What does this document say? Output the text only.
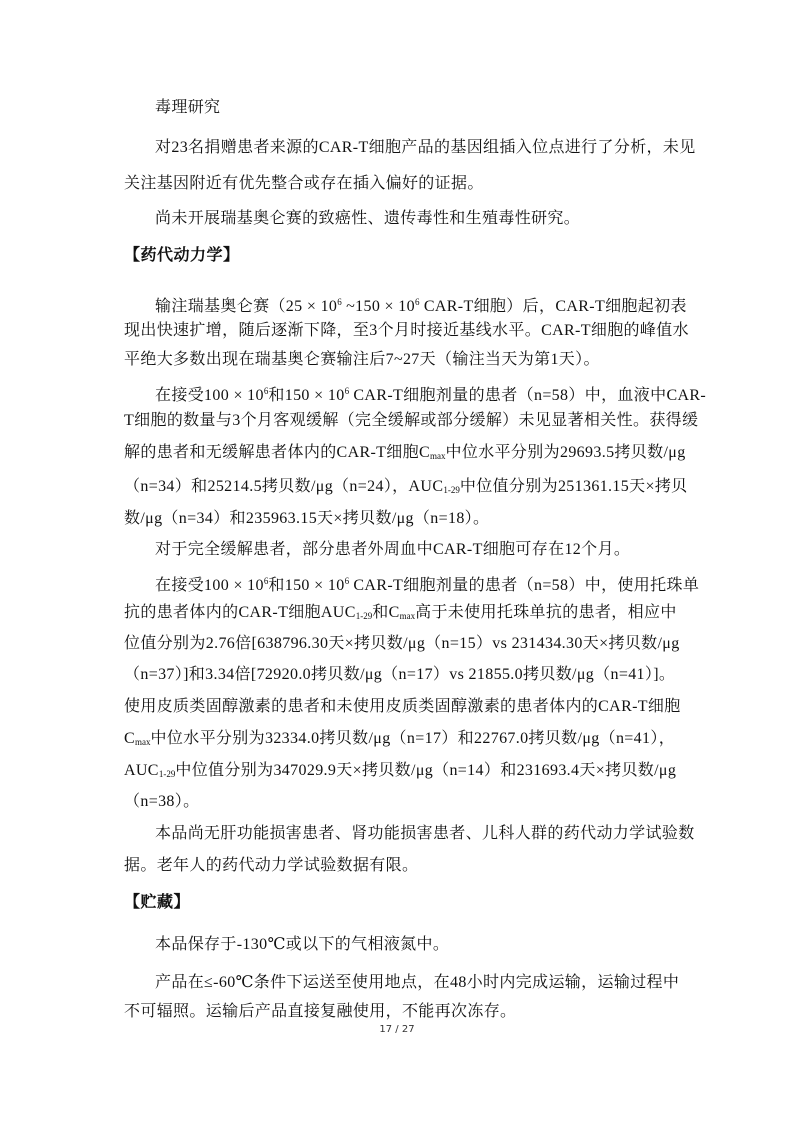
毒理研究
对23名捐赠患者来源的CAR-T细胞产品的基因组插入位点进行了分析，未见
关注基因附近有优先整合或存在插入偏好的证据。
尚未开展瑞基奥仑赛的致癌性、遗传毒性和生殖毒性研究。
【药代动力学】
输注瑞基奥仑赛（$25 \times 10^6$ ~150 × $10^6$ CAR-T细胞）后，CAR-T细胞起初表
现出快速扩增，随后逐渐下降，至3个月时接近基线水平。CAR-T细胞的峰值水
平绝大多数出现在瑞基奥仑赛输注后7~27天（输注当天为第1天）。
在接受$100 \times 10^6$和$150 \times 10^6$ CAR-T细胞剂量的患者（n=58）中，血液中CAR-
T细胞的数量与3个月客观缓解（完全缓解或部分缓解）未见显著相关性。获得缓
解的患者和无缓解患者体内的CAR-T细胞$C_{max}$中位水平分别为29693.5拷贝数/μg
（n=34）和25214.5拷贝数/μg（n=24），$AUC_{1-29}$中位值分别为251361.15天×拷贝
数/μg（n=34）和235963.15天×拷贝数/μg（n=18）。
对于完全缓解患者，部分患者外周血中CAR-T细胞可存在12个月。
在接受$100 \times 10^6$和$150 \times 10^6$ CAR-T细胞剂量的患者（n=58）中，使用托珠单
抗的患者体内的CAR-T细胞$AUC_{1-29}$和$C_{max}$高于未使用托珠单抗的患者，相应中
位值分别为2.76倍[638796.30天×拷贝数/μg（n=15）vs 231434.30天×拷贝数/μg
（n=37）]和3.34倍[72920.0拷贝数/μg（n=17）vs 21855.0拷贝数/μg（n=41）]。
使用皮质类固醇激素的患者和未使用皮质类固醇激素的患者体内的CAR-T细胞
$C_{max}$中位水平分别为32334.0拷贝数/μg（n=17）和22767.0拷贝数/μg（n=41），
$AUC_{1-29}$中位值分别为347029.9天×拷贝数/μg（n=14）和231693.4天×拷贝数/μg
（n=38）。
本品尚无肝功能损害患者、肾功能损害患者、儿科人群的药代动力学试验数
据。老年人的药代动力学试验数据有限。
【贮藏】
本品保存于-130℃或以下的气相液氮中。
产品在≤-60℃条件下运送至使用地点，在48小时内完成运输，运输过程中
不可辐照。运输后产品直接复融使用，不能再次冻存。
17 / 27
